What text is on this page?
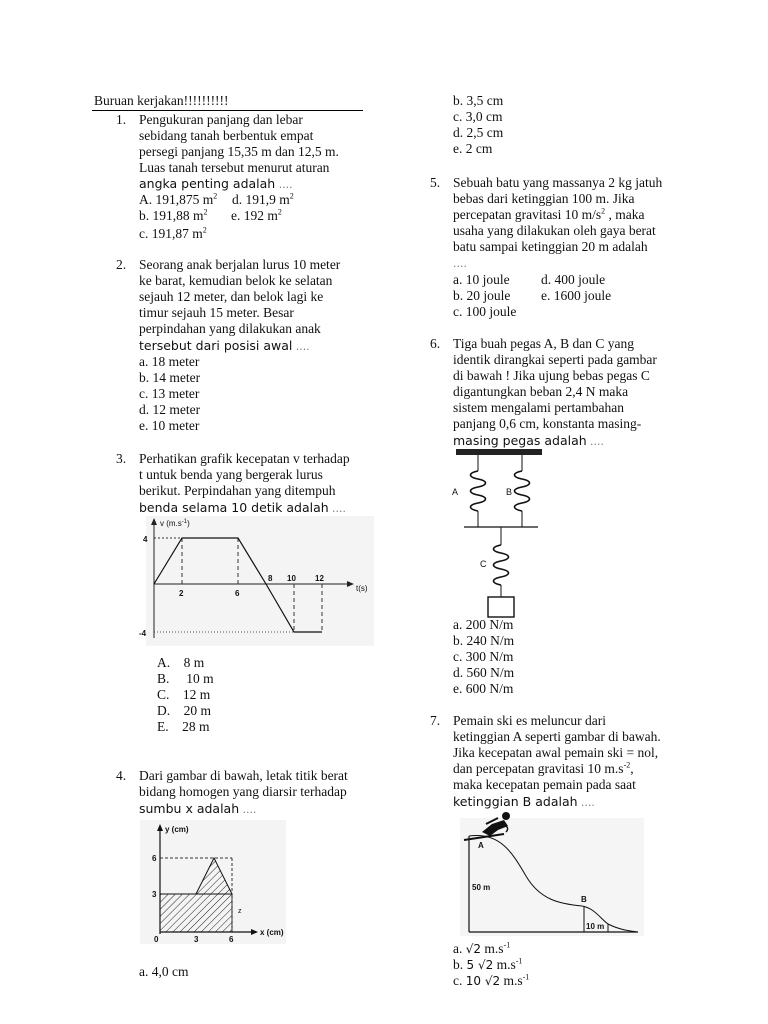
Buruan kerjakan!!!!!!!!!!
1. Pengukuran panjang dan lebar
sebidang tanah berbentuk empat
persegi panjang 15,35 m dan 12,5 m.
Luas tanah tersebut menurut aturan
angka penting adalah ….
A. 191,875 $m^2$ d. 191,9 $m^2$
b. 191,88 $m^2$ e. 192 $m^2$
c. 191,87 $m^2$
2. Seorang anak berjalan lurus 10 meter
ke barat, kemudian belok ke selatan
sejauh 12 meter, dan belok lagi ke
timur sejauh 15 meter. Besar
perpindahan yang dilakukan anak
tersebut dari posisi awal ….
a. 18 meter
b. 14 meter
c. 13 meter
d. 12 meter
e. 10 meter
3. Perhatikan grafik kecepatan v terhadap
t untuk benda yang bergerak lurus
berikut. Perpindahan yang ditempuh
benda selama 10 detik adalah ….
v $(m.s^{-1})$
t(s)
4
-4
2	6
8 10 12
A.    8 m
B.     10 m
C.    12 m
D.    20 m
E.    28 m
4. Dari gambar di bawah, letak titik berat
bidang homogen yang diarsir terhadap
sumbu x adalah ….
y (cm)
x (cm)
6
3
0	3	6
z
a. 4,0 cm
b. 3,5 cm
c. 3,0 cm
d. 2,5 cm
e. 2 cm
5. Sebuah batu yang massanya 2 kg jatuh
bebas dari ketinggian 100 m. Jika
percepatan gravitasi 10 $m/s^2$ , maka
usaha yang dilakukan oleh gaya berat
batu sampai ketinggian 20 m adalah
….
a. 10 joule d. 400 joule
b. 20 joule e. 1600 joule
c. 100 joule
6. Tiga buah pegas A, B dan C yang
identik dirangkai seperti pada gambar
di bawah ! Jika ujung bebas pegas C
digantungkan beban 2,4 N maka
sistem mengalami pertambahan
panjang 0,6 cm, konstanta masing-
masing pegas adalah ….
A	B
C
a. 200 N/m
b. 240 N/m
c. 300 N/m
d. 560 N/m
e. 600 N/m
7. Pemain ski es meluncur dari
ketinggian A seperti gambar di bawah.
Jika kecepatan awal pemain ski = nol,
dan percepatan gravitasi 10 $m.s^{-2}$,
maka kecepatan pemain pada saat
ketinggian B adalah ….
A
50 m
B
10 m
a. √2 $m.s^{-1}$
b. 5 √2 $m.s^{-1}$
c. 10 √2 $m.s^{-1}$
